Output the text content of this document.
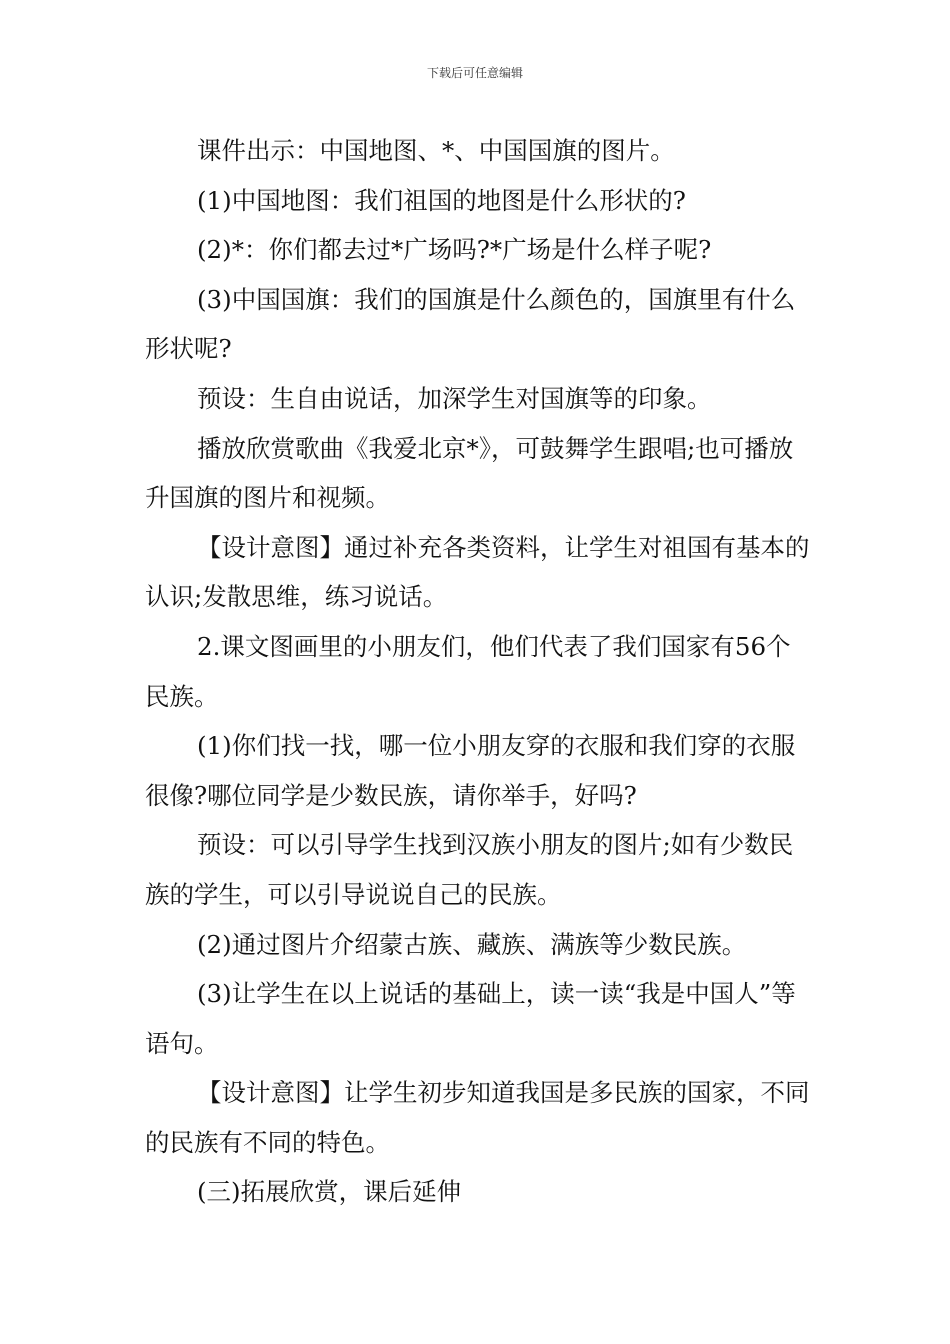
下载后可任意编辑

课件出示：中国地图、*、中国国旗的图片。

(1)中国地图：我们祖国的地图是什么形状的?

(2)*：你们都去过*广场吗?*广场是什么样子呢?

(3)中国国旗：我们的国旗是什么颜色的，国旗里有什么形状呢?

预设：生自由说话，加深学生对国旗等的印象。

播放欣赏歌曲《我爱北京*》，可鼓舞学生跟唱;也可播放升国旗的图片和视频。

【设计意图】通过补充各类资料，让学生对祖国有基本的认识;发散思维，练习说话。

2.课文图画里的小朋友们，他们代表了我们国家有56个民族。

(1)你们找一找，哪一位小朋友穿的衣服和我们穿的衣服很像?哪位同学是少数民族，请你举手，好吗?

预设：可以引导学生找到汉族小朋友的图片;如有少数民族的学生，可以引导说说自己的民族。

(2)通过图片介绍蒙古族、藏族、满族等少数民族。

(3)让学生在以上说话的基础上，读一读“我是中国人”等语句。

【设计意图】让学生初步知道我国是多民族的国家，不同的民族有不同的特色。

(三)拓展欣赏，课后延伸
